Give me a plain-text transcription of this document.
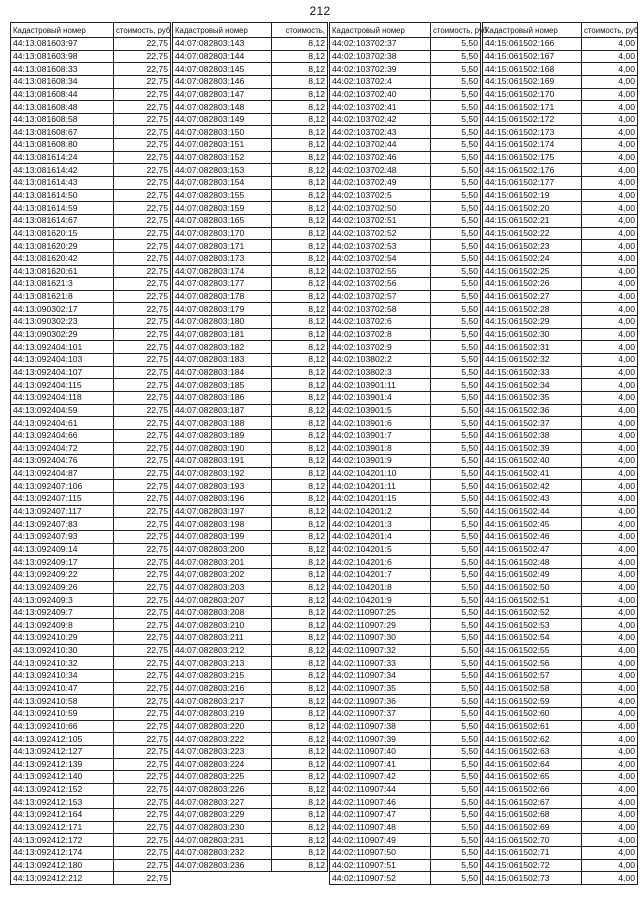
212
Кадастровый номер	стоимость, руб
44:13:081603:97	22,75
44:13:081603:98	22,75
44:13:081608:33	22,75
44:13:081608:34	22,75
44:13:081608:44	22,75
44:13:081608:48	22,75
44:13:081608:58	22,75
44:13:081608:67	22,75
44:13:081608:80	22,75
44:13:081614:24	22,75
44:13:081614:42	22,75
44:13:081614:43	22,75
44:13:081614:50	22,75
44:13:081614:59	22,75
44:13:081614:67	22,75
44:13:081620:15	22,75
44:13:081620:29	22,75
44:13:081620:42	22,75
44:13:081620:61	22,75
44:13:081621:3	22,75
44:13:081621:8	22,75
44:13:090302:17	22,75
44:13:090302:23	22,75
44:13:090302:29	22,75
44:13:092404:101	22,75
44:13:092404:103	22,75
44:13:092404:107	22,75
44:13:092404:115	22,75
44:13:092404:118	22,75
44:13:092404:59	22,75
44:13:092404:61	22,75
44:13:092404:66	22,75
44:13:092404:72	22,75
44:13:092404:76	22,75
44:13:092404:87	22,75
44:13:092407:106	22,75
44:13:092407:115	22,75
44:13:092407:117	22,75
44:13:092407:83	22,75
44:13:092407:93	22,75
44:13:092409:14	22,75
44:13:092409:17	22,75
44:13:092409:22	22,75
44:13:092409:26	22,75
44:13:092409:3	22,75
44:13:092409:7	22,75
44:13:092409:8	22,75
44:13:092410:29	22,75
44:13:092410:30	22,75
44:13:092410:32	22,75
44:13:092410:34	22,75
44:13:092410:47	22,75
44:13:092410:58	22,75
44:13:092410:59	22,75
44:13:092410:66	22,75
44:13:092412:105	22,75
44:13:092412:127	22,75
44:13:092412:139	22,75
44:13:092412:140	22,75
44:13:092412:152	22,75
44:13:092412:153	22,75
44:13:092412:164	22,75
44:13:092412:171	22,75
44:13:092412:172	22,75
44:13:092412:174	22,75
44:13:092412:180	22,75
44:13:092412:212	22,75
Кадастровый номер	стоимость,
44:07:082803:143	8,12
44:07:082803:144	8,12
44:07:082803:145	8,12
44:07:082803:146	8,12
44:07:082803:147	8,12
44:07:082803:148	8,12
44:07:082803:149	8,12
44:07:082803:150	8,12
44:07:082803:151	8,12
44:07:082803:152	8,12
44:07:082803:153	8,12
44:07:082803:154	8,12
44:07:082803:155	8,12
44:07:082803:159	8,12
44:07:082803:165	8,12
44:07:082803:170	8,12
44:07:082803:171	8,12
44:07:082803:173	8,12
44:07:082803:174	8,12
44:07:082803:177	8,12
44:07:082803:178	8,12
44:07:082803:179	8,12
44:07:082803:180	8,12
44:07:082803:181	8,12
44:07:082803:182	8,12
44:07:082803:183	8,12
44:07:082803:184	8,12
44:07:082803:185	8,12
44:07:082803:186	8,12
44:07:082803:187	8,12
44:07:082803:188	8,12
44:07:082803:189	8,12
44:07:082803:190	8,12
44:07:082803:191	8,12
44:07:082803:192	8,12
44:07:082803:193	8,12
44:07:082803:196	8,12
44:07:082803:197	8,12
44:07:082803:198	8,12
44:07:082803:199	8,12
44:07:082803:200	8,12
44:07:082803:201	8,12
44:07:082803:202	8,12
44:07:082803:203	8,12
44:07:082803:207	8,12
44:07:082803:208	8,12
44:07:082803:210	8,12
44:07:082803:211	8,12
44:07:082803:212	8,12
44:07:082803:213	8,12
44:07:082803:215	8,12
44:07:082803:216	8,12
44:07:082803:217	8,12
44:07:082803:219	8,12
44:07:082803:220	8,12
44:07:082803:222	8,12
44:07:082803:223	8,12
44:07:082803:224	8,12
44:07:082803:225	8,12
44:07:082803:226	8,12
44:07:082803:227	8,12
44:07:082803:229	8,12
44:07:082803:230	8,12
44:07:082803:231	8,12
44:07:082803:232	8,12
44:07:082803:236	8,12
Кадастровый номер	стоимость, руб
44:02:103702:37	5,50
44:02:103702:38	5,50
44:02:103702:39	5,50
44:02:103702:4	5,50
44:02:103702:40	5,50
44:02:103702:41	5,50
44:02:103702:42	5,50
44:02:103702:43	5,50
44:02:103702:44	5,50
44:02:103702:46	5,50
44:02:103702:48	5,50
44:02:103702:49	5,50
44:02:103702:5	5,50
44:02:103702:50	5,50
44:02:103702:51	5,50
44:02:103702:52	5,50
44:02:103702:53	5,50
44:02:103702:54	5,50
44:02:103702:55	5,50
44:02:103702:56	5,50
44:02:103702:57	5,50
44:02:103702:58	5,50
44:02:103702:6	5,50
44:02:103702:8	5,50
44:02:103702:9	5,50
44:02:103802:2	5,50
44:02:103802:3	5,50
44:02:103901:11	5,50
44:02:103901:4	5,50
44:02:103901:5	5,50
44:02:103901:6	5,50
44:02:103901:7	5,50
44:02:103901:8	5,50
44:02:103901:9	5,50
44:02:104201:10	5,50
44:02:104201:11	5,50
44:02:104201:15	5,50
44:02:104201:2	5,50
44:02:104201:3	5,50
44:02:104201:4	5,50
44:02:104201:5	5,50
44:02:104201:6	5,50
44:02:104201:7	5,50
44:02:104201:8	5,50
44:02:104201:9	5,50
44:02:110907:25	5,50
44:02:110907:29	5,50
44:02:110907:30	5,50
44:02:110907:32	5,50
44:02:110907:33	5,50
44:02:110907:34	5,50
44:02:110907:35	5,50
44:02:110907:36	5,50
44:02:110907:37	5,50
44:02:110907:38	5,50
44:02:110907:39	5,50
44:02:110907:40	5,50
44:02:110907:41	5,50
44:02:110907:42	5,50
44:02:110907:44	5,50
44:02:110907:46	5,50
44:02:110907:47	5,50
44:02:110907:48	5,50
44:02:110907:49	5,50
44:02:110907:50	5,50
44:02:110907:51	5,50
44:02:110907:52	5,50
Кадастровый номер	стоимость, руб
44:15:061502:166	4,00
44:15:061502:167	4,00
44:15:061502:168	4,00
44:15:061502:169	4,00
44:15:061502:170	4,00
44:15:061502:171	4,00
44:15:061502:172	4,00
44:15:061502:173	4,00
44:15:061502:174	4,00
44:15:061502:175	4,00
44:15:061502:176	4,00
44:15:061502:177	4,00
44:15:061502:19	4,00
44:15:061502:20	4,00
44:15:061502:21	4,00
44:15:061502:22	4,00
44:15:061502:23	4,00
44:15:061502:24	4,00
44:15:061502:25	4,00
44:15:061502:26	4,00
44:15:061502:27	4,00
44:15:061502:28	4,00
44:15:061502:29	4,00
44:15:061502:30	4,00
44:15:061502:31	4,00
44:15:061502:32	4,00
44:15:061502:33	4,00
44:15:061502:34	4,00
44:15:061502:35	4,00
44:15:061502:36	4,00
44:15:061502:37	4,00
44:15:061502:38	4,00
44:15:061502:39	4,00
44:15:061502:40	4,00
44:15:061502:41	4,00
44:15:061502:42	4,00
44:15:061502:43	4,00
44:15:061502:44	4,00
44:15:061502:45	4,00
44:15:061502:46	4,00
44:15:061502:47	4,00
44:15:061502:48	4,00
44:15:061502:49	4,00
44:15:061502:50	4,00
44:15:061502:51	4,00
44:15:061502:52	4,00
44:15:061502:53	4,00
44:15:061502:54	4,00
44:15:061502:55	4,00
44:15:061502:56	4,00
44:15:061502:57	4,00
44:15:061502:58	4,00
44:15:061502:59	4,00
44:15:061502:60	4,00
44:15:061502:61	4,00
44:15:061502:62	4,00
44:15:061502:63	4,00
44:15:061502:64	4,00
44:15:061502:65	4,00
44:15:061502:66	4,00
44:15:061502:67	4,00
44:15:061502:68	4,00
44:15:061502:69	4,00
44:15:061502:70	4,00
44:15:061502:71	4,00
44:15:061502:72	4,00
44:15:061502:73	4,00
